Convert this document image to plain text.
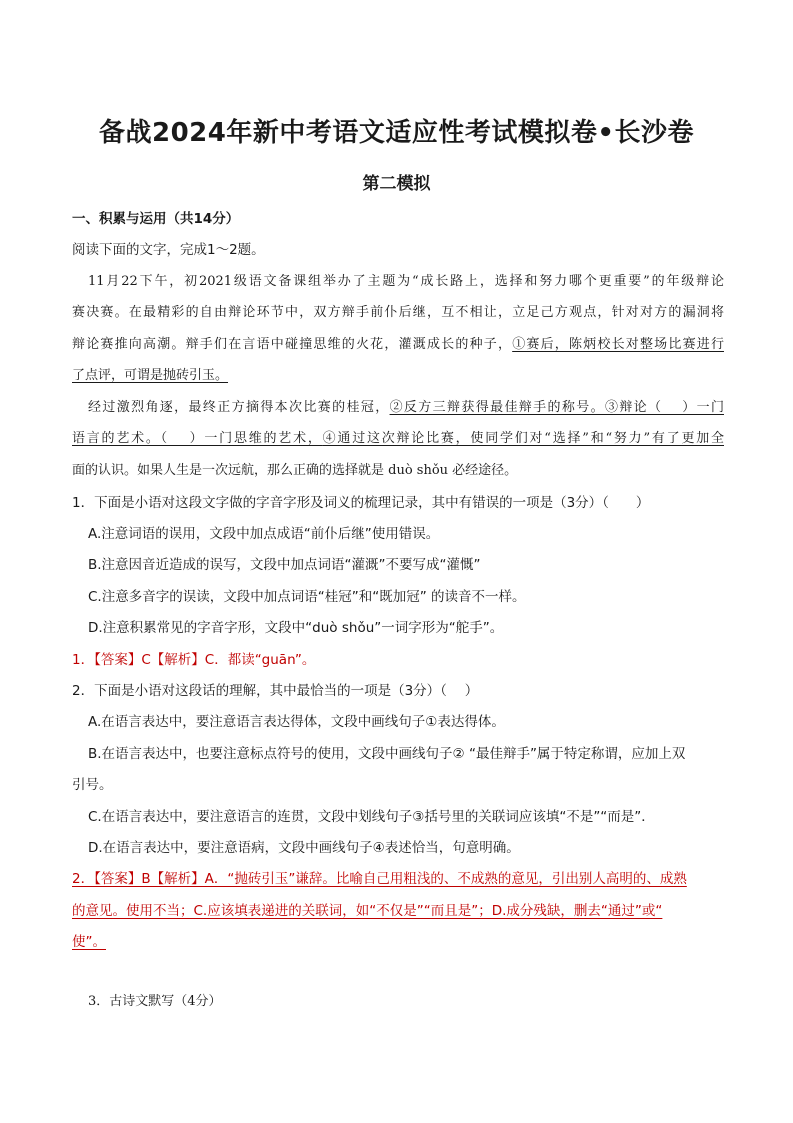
备战2024年新中考语文适应性考试模拟卷•长沙卷
第二模拟
一、积累与运用（共14分）
阅读下面的文字，完成1～2题。
11月22下午，初2021级语文备课组举办了主题为“成长路上，选择和努力哪个更重要”的年级辩论
赛决赛。在最精彩的自由辩论环节中，双方辩手前仆后继，互不相让，立足己方观点，针对对方的漏洞将
辩论赛推向高潮。辩手们在言语中碰撞思维的火花，灌溉成长的种子，①赛后，陈炳校长对整场比赛进行
了点评，可谓是抛砖引玉。
经过激烈角逐，最终正方摘得本次比赛的桂冠，②反方三辩获得最佳辩手的称号。③辩论（　 ）一门
语言的艺术。（　 ）一门思维的艺术，④通过这次辩论比赛，使同学们对“选择”和“努力”有了更加全
面的认识。如果人生是一次远航，那么正确的选择就是 duò shǒu 必经途径。
1．下面是小语对这段文字做的字音字形及词义的梳理记录，其中有错误的一项是（3分）（　　）
A.注意词语的误用，文段中加点成语“前仆后继”使用错误。
B.注意因音近造成的误写，文段中加点词语“灌溉”不要写成“灌慨”
C.注意多音字的误读，文段中加点词语“桂冠”和“既加冠” 的读音不一样。
D.注意积累常见的字音字形，文段中“duò shǒu”一词字形为“舵手”。
1．【答案】C【解析】C．都读“guān”。
2．下面是小语对这段话的理解，其中最恰当的一项是（3分）（　 ）
A.在语言表达中，要注意语言表达得体，文段中画线句子①表达得体。
B.在语言表达中，也要注意标点符号的使用，文段中画线句子② “最佳辩手”属于特定称谓，应加上双
引号。
C.在语言表达中，要注意语言的连贯，文段中划线句子③括号里的关联词应该填“不是”“而是”．
D.在语言表达中，要注意语病，文段中画线句子④表述恰当，句意明确。
2．【答案】B【解析】A．“抛砖引玉”谦辞。比喻自己用粗浅的、不成熟的意见，引出别人高明的、成熟
的意见。使用不当；C.应该填表递进的关联词，如“不仅是”“而且是”；D.成分残缺，删去“通过”或“
使”。
3．古诗文默写（4分）
